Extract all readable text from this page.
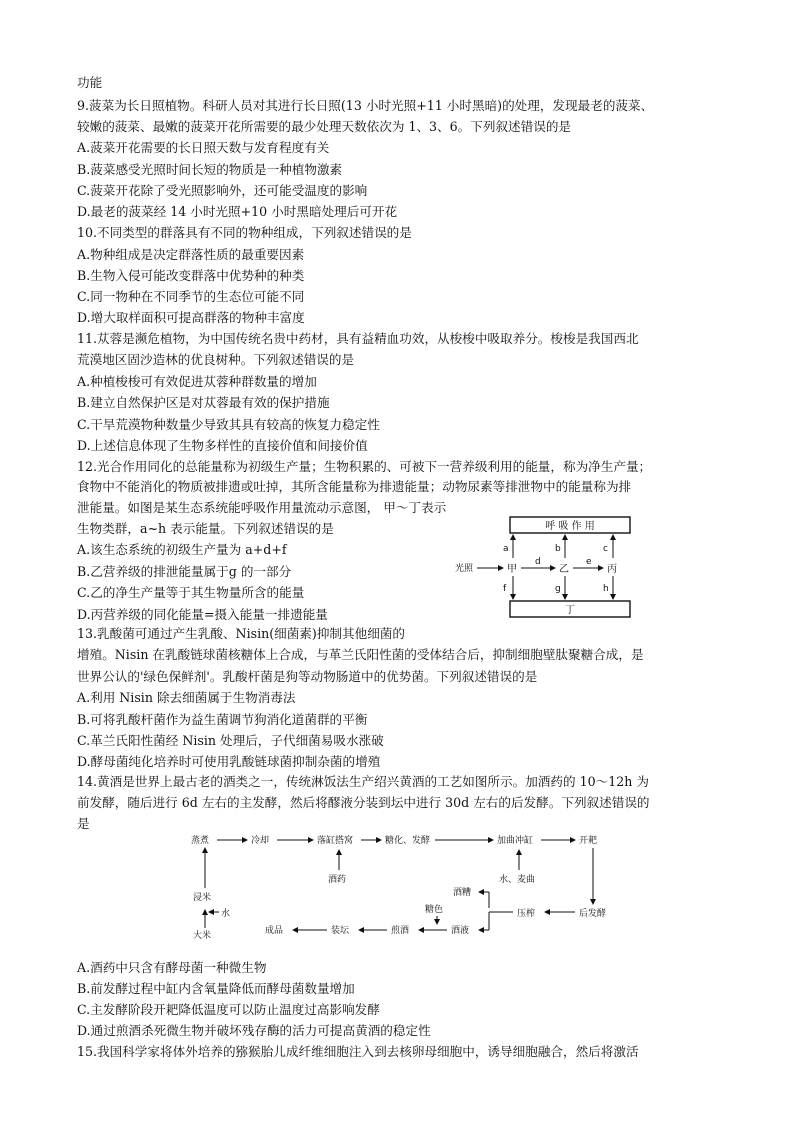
功能
9.菠菜为长日照植物。科研人员对其进行长日照(13 小时光照+11 小时黑暗)的处理，发现最老的菠菜、
较嫩的菠菜、最嫩的菠菜开花所需要的最少处理天数依次为 1、3、6。下列叙述错误的是
A.菠菜开花需要的长日照天数与发育程度有关
B.菠菜感受光照时间长短的物质是一种植物激素
C.菠菜开花除了受光照影响外，还可能受温度的影响
D.最老的菠菜经 14 小时光照+10 小时黑暗处理后可开花
10.不同类型的群落具有不同的物种组成，下列叙述错误的是
A.物种组成是决定群落性质的最重要因素
B.生物入侵可能改变群落中优势种的种类
C.同一物种在不同季节的生态位可能不同
D.增大取样面积可提高群落的物种丰富度
11.苁蓉是濒危植物，为中国传统名贵中药材，具有益精血功效，从梭梭中吸取养分。梭梭是我国西北
荒漠地区固沙造林的优良树种。下列叙述错误的是
A.种植梭梭可有效促进苁蓉种群数量的增加
B.建立自然保护区是对苁蓉最有效的保护措施
C.干旱荒漠物种数量少导致其具有较高的恢复力稳定性
D.上述信息体现了生物多样性的直接价值和间接价值
12.光合作用同化的总能量称为初级生产量；生物积累的、可被下一营养级利用的能量，称为净生产量；
食物中不能消化的物质被排遗或吐掉，其所含能量称为排遗能量；动物尿素等排泄物中的能量称为排
泄能量。如图是某生态系统能呼吸作用量流动示意图， 甲～丁表示
生物类群，a~h 表示能量。下列叙述错误的是
A.该生态系统的初级生产量为 a+d+f
B.乙营养级的排泄能量属于g 的一部分
C.乙的净生产量等于其生物量所含的能量
D.丙营养级的同化能量=摄入能量一排遗能量
13.乳酸菌可通过产生乳酸、Nisin(细菌素)抑制其他细菌的
增殖。Nisin 在乳酸链球菌核糖体上合成，与革兰氏阳性菌的受体结合后，抑制细胞壁肽聚糖合成，是
世界公认的'绿色保鲜剂'。乳酸杆菌是狗等动物肠道中的优势菌。下列叙述错误的是
A.利用 Nisin 除去细菌属于生物消毒法
B.可将乳酸杆菌作为益生菌调节狗消化道菌群的平衡
C.革兰氏阳性菌经 Nisin 处理后，子代细菌易吸水涨破
D.酵母菌纯化培养时可使用乳酸链球菌抑制杂菌的增殖
14.黄酒是世界上最古老的酒类之一，传统淋饭法生产绍兴黄酒的工艺如图所示。加酒药的 10～12h 为
前发酵，随后进行 6d 左右的主发酵，然后将醪液分装到坛中进行 30d 左右的后发酵。下列叙述错误的
是
A.酒药中只含有酵母菌一种微生物
B.前发酵过程中缸内含氧量降低而酵母菌数量增加
C.主发酵阶段开耙降低温度可以防止温度过高影响发酵
D.通过煎酒杀死微生物并破坏残存酶的活力可提高黄酒的稳定性
15.我国科学家将体外培养的猕猴胎儿成纤维细胞注入到去核卵母细胞中，诱导细胞融合，然后将激活
呼 吸 作 用
丁
光照	甲
d
乙
e
丙
a	b	c
f	g	h
蒸煮	冷却	落缸搭窝	糖化、发酵	加曲冲缸	开耙
酒药	水、麦曲
后发酵
压榨
酒糟
酒液
糖色
煎酒
装坛
成品
大米
水
浸米
